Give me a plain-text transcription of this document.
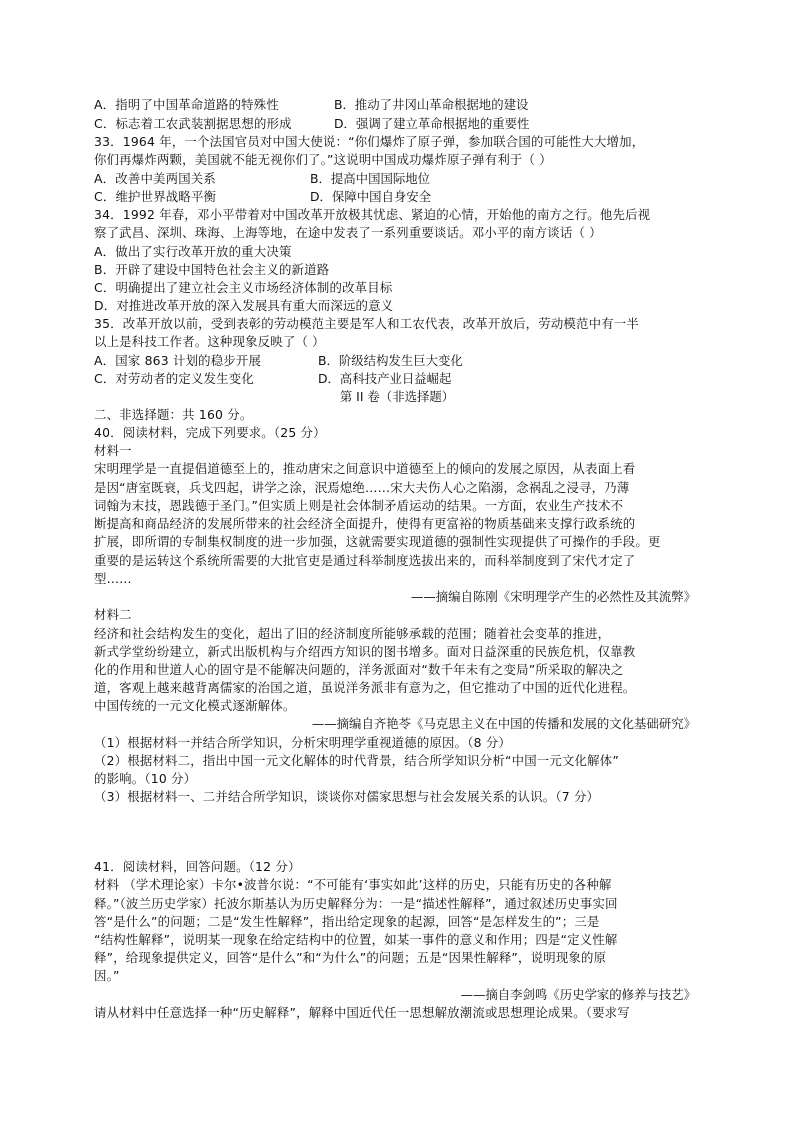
A．指明了中国革命道路的特殊性	B．推动了井冈山革命根据地的建设
C．标志着工农武装割据思想的形成	D．强调了建立革命根据地的重要性
33．1964 年，一个法国官员对中国大使说：“你们爆炸了原子弹，参加联合国的可能性大大增加，
你们再爆炸两颗，美国就不能无视你们了。”这说明中国成功爆炸原子弹有利于（ ）
A．改善中美两国关系	B．提高中国国际地位
C．维护世界战略平衡	D．保障中国自身安全
34．1992 年春，邓小平带着对中国改革开放极其忧虑、紧迫的心情，开始他的南方之行。他先后视
察了武昌、深圳、珠海、上海等地，在途中发表了一系列重要谈话。邓小平的南方谈话（ ）
A．做出了实行改革开放的重大决策
B．开辟了建设中国特色社会主义的新道路
C．明确提出了建立社会主义市场经济体制的改革目标
D．对推进改革开放的深入发展具有重大而深远的意义
35．改革开放以前，受到表彰的劳动模范主要是军人和工农代表，改革开放后，劳动模范中有一半
以上是科技工作者。这种现象反映了（ ）
A．国家 863 计划的稳步开展	B．阶级结构发生巨大变化
C．对劳动者的定义发生变化	D．高科技产业日益崛起
第 II 卷（非选择题）
二、非选择题：共 160 分。
40．阅读材料，完成下列要求。（25 分）
材料一
宋明理学是一直提倡道德至上的，推动唐宋之间意识中道德至上的倾向的发展之原因，从表面上看
是因“唐室既衰，兵戈四起，讲学之涂，泯焉熄绝……宋大夫伤人心之陷溺，念祸乱之浸寻，乃薄
词翰为末技，恩践德于圣门。”但实质上则是社会体制矛盾运动的结果。一方面，农业生产技术不
断提高和商品经济的发展所带来的社会经济全面提升，使得有更富裕的物质基础来支撑行政系统的
扩展，即所谓的专制集权制度的进一步加强，这就需要实现道德的强制性实现提供了可操作的手段。更
重要的是运转这个系统所需要的大批官吏是通过科举制度选拔出来的，而科举制度到了宋代才定了
型……
——摘编自陈刚《宋明理学产生的必然性及其流弊》
材料二
经济和社会结构发生的变化，超出了旧的经济制度所能够承载的范围；随着社会变革的推进，
新式学堂纷纷建立，新式出版机构与介绍西方知识的图书增多。面对日益深重的民族危机，仅靠教
化的作用和世道人心的固守是不能解决问题的，洋务派面对“数千年未有之变局”所采取的解决之
道，客观上越来越背离儒家的治国之道，虽说洋务派非有意为之，但它推动了中国的近代化进程。
中国传统的一元文化模式逐渐解体。
——摘编自齐艳苓《马克思主义在中国的传播和发展的文化基础研究》
（1）根据材料一并结合所学知识，分析宋明理学重视道德的原因。（8 分）
（2）根据材料二，指出中国一元文化解体的时代背景，结合所学知识分析“中国一元文化解体”
的影响。（10 分）
（3）根据材料一、二并结合所学知识，谈谈你对儒家思想与社会发展关系的认识。（7 分）
41．阅读材料，回答问题。（12 分）
材料 （学术理论家）卡尔•波普尔说：“不可能有‘事实如此’这样的历史，只能有历史的各种解
释。”（波兰历史学家）托波尔斯基认为历史解释分为：一是“描述性解释”，通过叙述历史事实回
答“是什么”的问题；二是“发生性解释”，指出给定现象的起源，回答“是怎样发生的”；三是
“结构性解释”，说明某一现象在给定结构中的位置，如某一事件的意义和作用；四是“定义性解
释”，给现象提供定义，回答“是什么”和“为什么”的问题；五是“因果性解释”，说明现象的原
因。”
——摘自李剑鸣《历史学家的修养与技艺》
请从材料中任意选择一种“历史解释”，解释中国近代任一思想解放潮流或思想理论成果。（要求写
